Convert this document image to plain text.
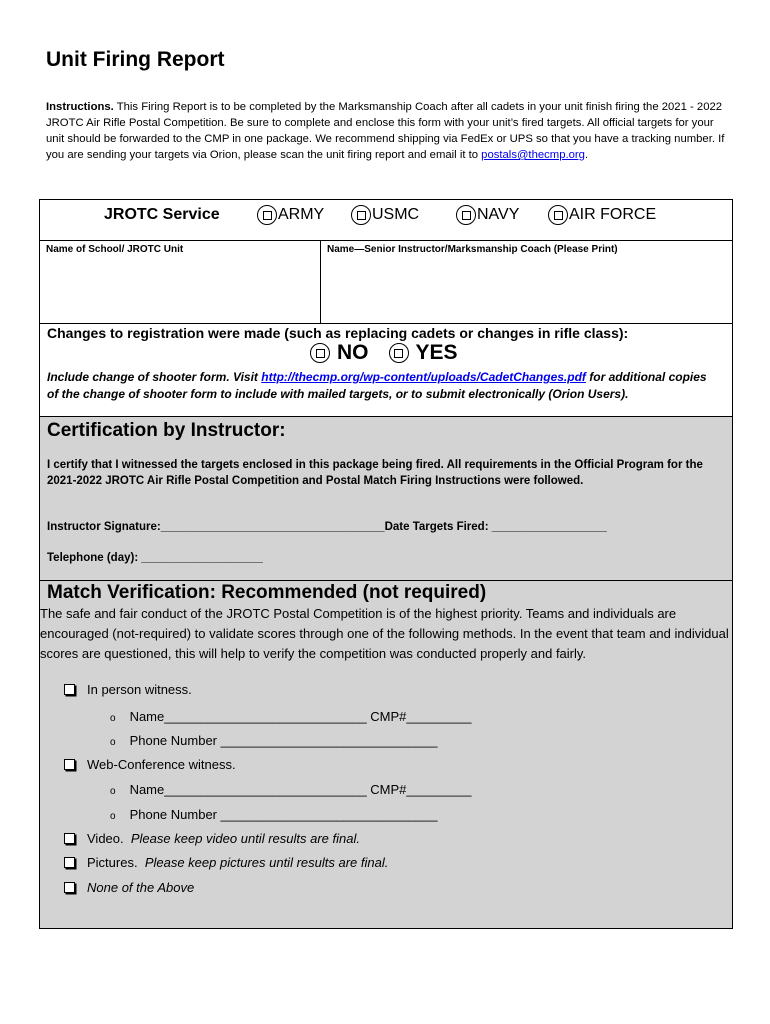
Unit Firing Report
Instructions. This Firing Report is to be completed by the Marksmanship Coach after all cadets in your unit finish firing the 2021 - 2022 JROTC Air Rifle Postal Competition. Be sure to complete and enclose this form with your unit’s fired targets. All official targets for your unit should be forwarded to the CMP in one package. We recommend shipping via FedEx or UPS so that you have a tracking number. If you are sending your targets via Orion, please scan the unit firing report and email it to postals@thecmp.org.
JROTC Service	ARMY	USMC	NAVY	AIR FORCE
Name of School/ JROTC Unit	Name—Senior Instructor/Marksmanship Coach (Please Print)
Changes to registration were made (such as replacing cadets or changes in rifle class):
NO YES
Include change of shooter form. Visit http://thecmp.org/wp-content/uploads/CadetChanges.pdf for additional copies of the change of shooter form to include with mailed targets, or to submit electronically (Orion Users).
Certification by Instructor:
I certify that I witnessed the targets enclosed in this package being fired. All requirements in the Official Program for the 2021-2022 JROTC Air Rifle Postal Competition and Postal Match Firing Instructions were followed.
Instructor Signature:___________________________________Date Targets Fired: __________________
Telephone (day): ___________________
Match Verification: Recommended (not required)
The safe and fair conduct of the JROTC Postal Competition is of the highest priority. Teams and individuals are encouraged (not-required) to validate scores through one of the following methods. In the event that team and individual scores are questioned, this will help to verify the competition was conducted properly and fairly.
In person witness.
o Name____________________________ CMP#_________
o Phone Number ______________________________
Web-Conference witness.
o Name____________________________ CMP#_________
o Phone Number ______________________________
Video.
Please keep video until results are final.
Pictures.
Please keep pictures until results are final.
None of the Above
